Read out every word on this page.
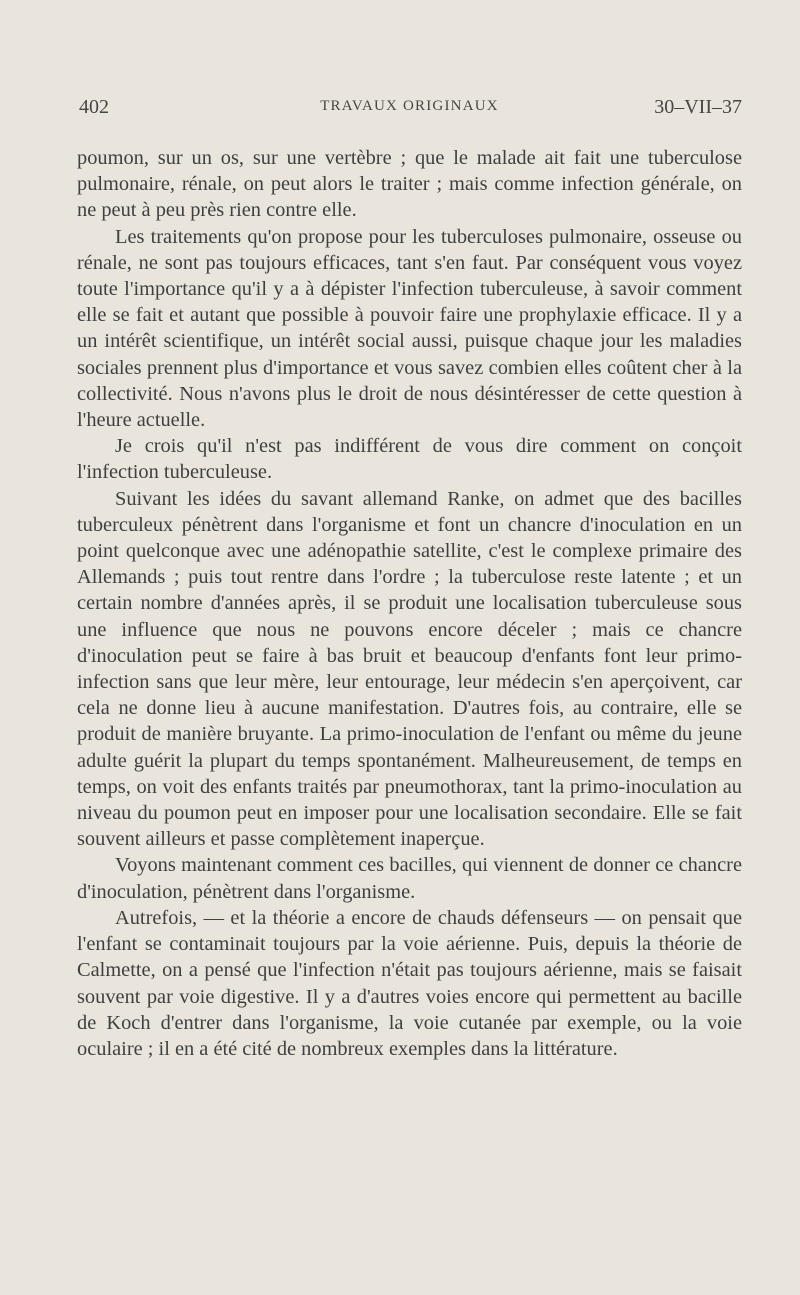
402	TRAVAUX ORIGINAUX	30–VII–37

poumon, sur un os, sur une vertèbre ; que le malade ait fait une tuberculose pulmonaire, rénale, on peut alors le traiter ; mais comme infection générale, on ne peut à peu près rien contre elle.

Les traitements qu'on propose pour les tuberculoses pulmonaire, osseuse ou rénale, ne sont pas toujours efficaces, tant s'en faut. Par conséquent vous voyez toute l'importance qu'il y a à dépister l'infection tuberculeuse, à savoir comment elle se fait et autant que possible à pouvoir faire une prophylaxie efficace. Il y a un intérêt scientifique, un intérêt social aussi, puisque chaque jour les maladies sociales prennent plus d'importance et vous savez combien elles coûtent cher à la collectivité. Nous n'avons plus le droit de nous désintéresser de cette question à l'heure actuelle.

Je crois qu'il n'est pas indifférent de vous dire comment on conçoit l'infection tuberculeuse.

Suivant les idées du savant allemand Ranke, on admet que des bacilles tuberculeux pénètrent dans l'organisme et font un chancre d'inoculation en un point quelconque avec une adénopathie satellite, c'est le complexe primaire des Allemands ; puis tout rentre dans l'ordre ; la tuberculose reste latente ; et un certain nombre d'années après, il se produit une localisation tuberculeuse sous une influence que nous ne pouvons encore déceler ; mais ce chancre d'inoculation peut se faire à bas bruit et beaucoup d'enfants font leur primo-infection sans que leur mère, leur entourage, leur médecin s'en aperçoivent, car cela ne donne lieu à aucune manifestation. D'autres fois, au contraire, elle se produit de manière bruyante. La primo-inoculation de l'enfant ou même du jeune adulte guérit la plupart du temps spontanément. Malheureusement, de temps en temps, on voit des enfants traités par pneumothorax, tant la primo-inoculation au niveau du poumon peut en imposer pour une localisation secondaire. Elle se fait souvent ailleurs et passe complètement inaperçue.

Voyons maintenant comment ces bacilles, qui viennent de donner ce chancre d'inoculation, pénètrent dans l'organisme.

Autrefois, — et la théorie a encore de chauds défenseurs — on pensait que l'enfant se contaminait toujours par la voie aérienne. Puis, depuis la théorie de Calmette, on a pensé que l'infection n'était pas toujours aérienne, mais se faisait souvent par voie digestive. Il y a d'autres voies encore qui permettent au bacille de Koch d'entrer dans l'organisme, la voie cutanée par exemple, ou la voie oculaire ; il en a été cité de nombreux exemples dans la littérature.
